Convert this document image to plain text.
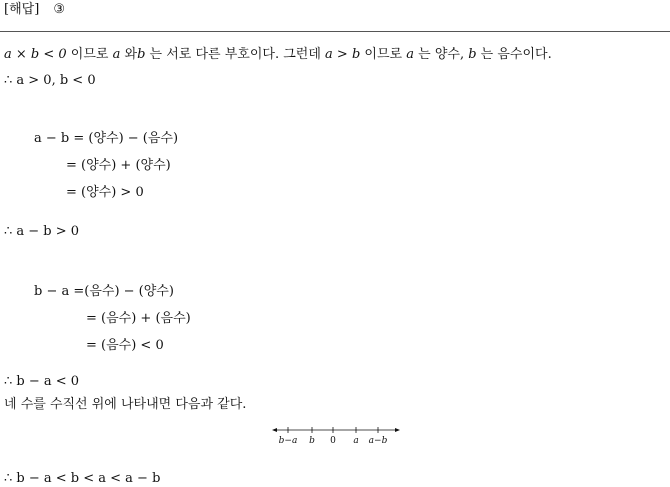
[해답] ③
a × b < 0 이므로 a 와b 는 서로 다른 부호이다. 그런데 a > b 이므로 a 는 양수, b 는 음수이다.
∴ a > 0, b < 0
a − b = (양수) − (음수)
= (양수) + (양수)
= (양수) > 0
∴ a − b > 0
b − a =(음수) − (양수)
= (음수) + (음수)
= (음수) < 0
∴ b − a < 0
네 수를 수직선 위에 나타내면 다음과 같다.
b−a b 0 a a−b
∴ b − a < b < a < a − b
